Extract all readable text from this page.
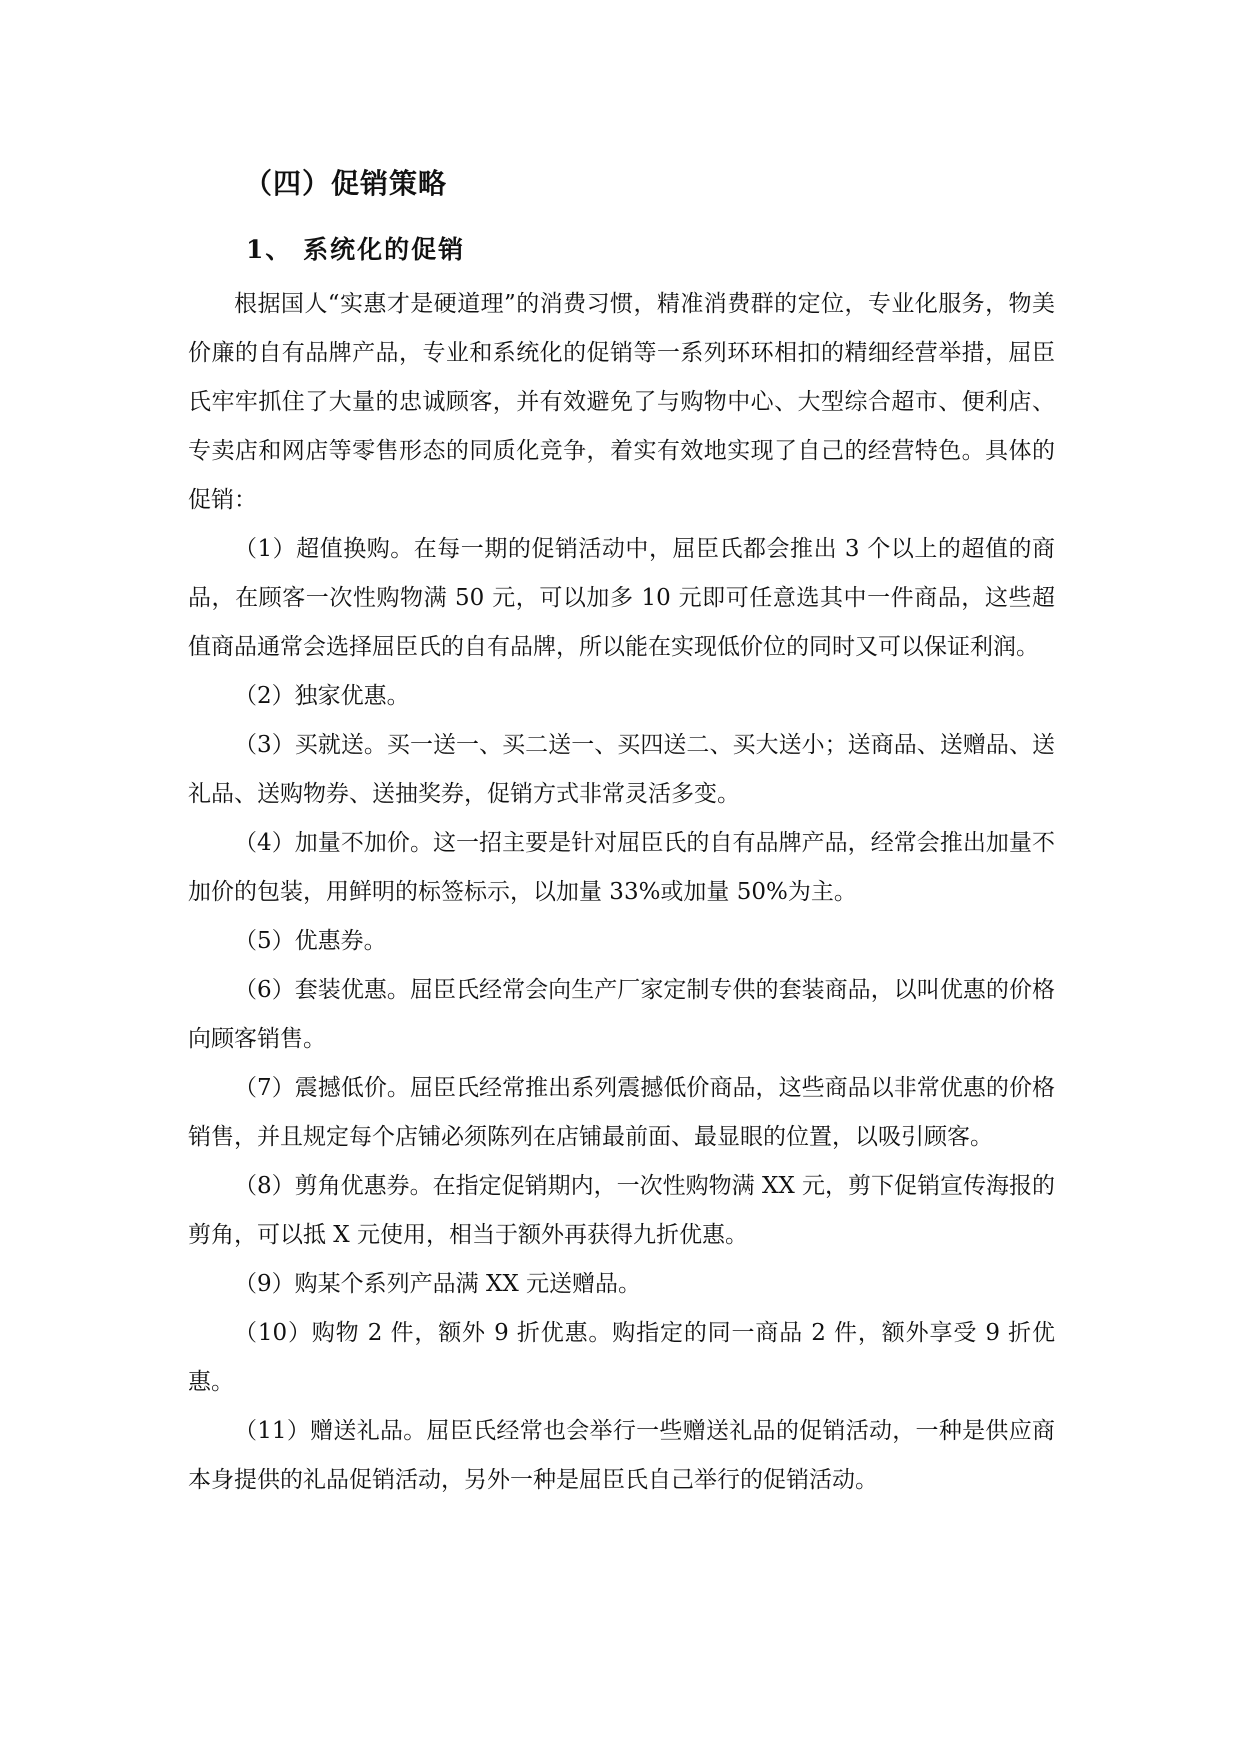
（四）促销策略
1、 系统化的促销

根据国人“实惠才是硬道理”的消费习惯，精准消费群的定位，专业化服务，物美价廉的自有品牌产品，专业和系统化的促销等一系列环环相扣的精细经营举措，屈臣氏牢牢抓住了大量的忠诚顾客，并有效避免了与购物中心、大型综合超市、便利店、专卖店和网店等零售形态的同质化竞争，着实有效地实现了自己的经营特色。具体的促销：

（1）超值换购。在每一期的促销活动中，屈臣氏都会推出 3 个以上的超值的商品，在顾客一次性购物满 50 元，可以加多 10 元即可任意选其中一件商品，这些超值商品通常会选择屈臣氏的自有品牌，所以能在实现低价位的同时又可以保证利润。

（2）独家优惠。

（3）买就送。买一送一、买二送一、买四送二、买大送小；送商品、送赠品、送礼品、送购物券、送抽奖券，促销方式非常灵活多变。

（4）加量不加价。这一招主要是针对屈臣氏的自有品牌产品，经常会推出加量不加价的包装，用鲜明的标签标示，以加量 33%或加量 50%为主。

（5）优惠券。

（6）套装优惠。屈臣氏经常会向生产厂家定制专供的套装商品，以叫优惠的价格向顾客销售。

（7）震撼低价。屈臣氏经常推出系列震撼低价商品，这些商品以非常优惠的价格销售，并且规定每个店铺必须陈列在店铺最前面、最显眼的位置，以吸引顾客。

（8）剪角优惠券。在指定促销期内，一次性购物满 XX 元，剪下促销宣传海报的剪角，可以抵 X 元使用，相当于额外再获得九折优惠。

（9）购某个系列产品满 XX 元送赠品。

（10）购物 2 件，额外 9 折优惠。购指定的同一商品 2 件，额外享受 9 折优惠。

（11）赠送礼品。屈臣氏经常也会举行一些赠送礼品的促销活动，一种是供应商本身提供的礼品促销活动，另外一种是屈臣氏自己举行的促销活动。
